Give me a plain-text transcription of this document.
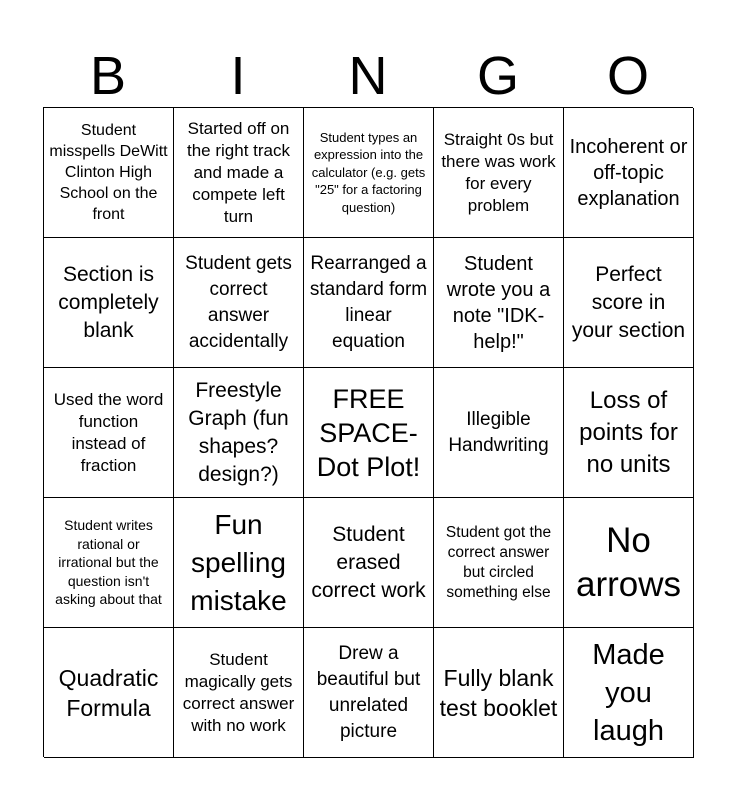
B	I	N	G	O
Student misspells DeWitt Clinton High School on the front
Started off on the right track and made a compete left turn
Student types an expression into the calculator (e.g. gets "25" for a factoring question)
Straight 0s but there was work for every problem
Incoherent or off-topic explanation
Section is completely blank
Student gets correct answer accidentally
Rearranged a standard form linear equation
Student wrote you a note "IDK-help!"
Perfect score in your section
Used the word function instead of fraction
Freestyle Graph (fun shapes? design?)
FREE SPACE-Dot Plot!
Illegible Handwriting
Loss of points for no units
Student writes rational or irrational but the question isn't asking about that
Fun spelling mistake
Student erased correct work
Student got the correct answer but circled something else
No arrows
Quadratic Formula
Student magically gets correct answer with no work
Drew a beautiful but unrelated picture
Fully blank test booklet
Made you laugh
